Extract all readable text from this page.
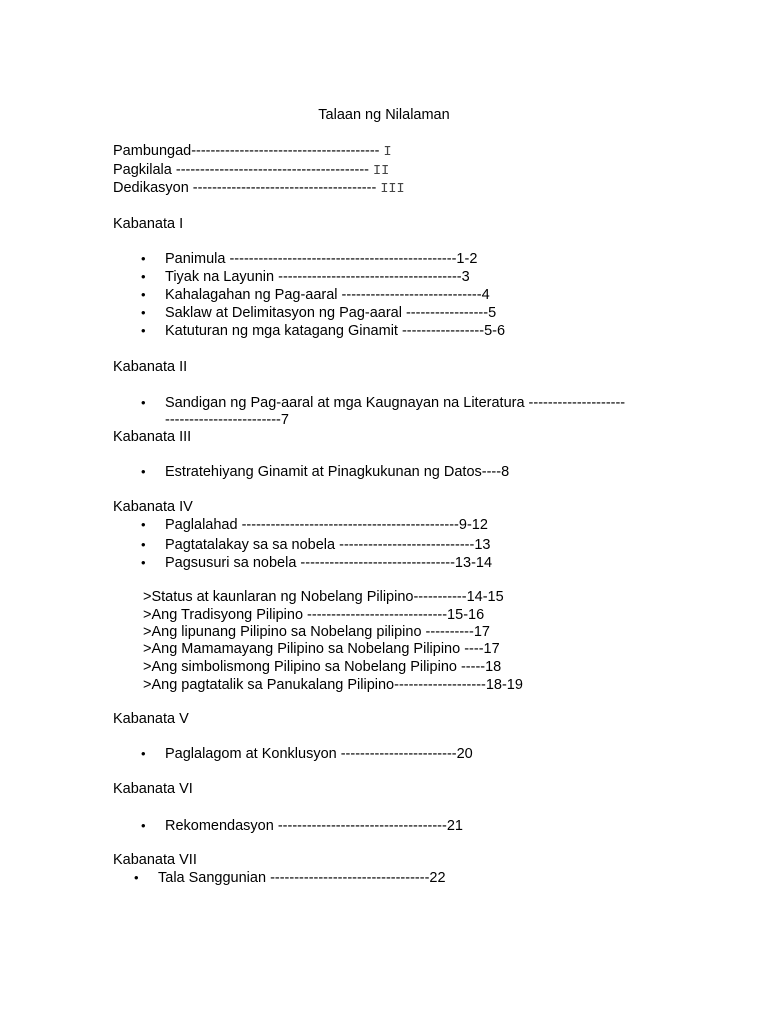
Talaan ng Nilalaman
Pambungad--------------------------------------- I
Pagkilala ---------------------------------------- II
Dedikasyon -------------------------------------- III
Kabanata I
• Panimula -----------------------------------------------1-2
• Tiyak na Layunin --------------------------------------3
• Kahalagahan ng Pag-aaral -----------------------------4
• Saklaw at Delimitasyon ng Pag-aaral -----------------5
• Katuturan ng mga katagang Ginamit -----------------5-6
Kabanata II
• Sandigan ng Pag-aaral at mga Kaugnayan na Literatura --------------------
------------------------7
Kabanata III
• Estratehiyang Ginamit at Pinagkukunan ng Datos----8
Kabanata IV
• Paglalahad ---------------------------------------------9-12
• Pagtatalakay sa sa nobela ----------------------------13
• Pagsusuri sa nobela --------------------------------13-14
>Status at kaunlaran ng Nobelang Pilipino-----------14-15
>Ang Tradisyong Pilipino -----------------------------15-16
>Ang lipunang Pilipino sa Nobelang pilipino ----------17
>Ang Mamamayang Pilipino sa Nobelang Pilipino ----17
>Ang simbolismong Pilipino sa Nobelang Pilipino -----18
>Ang pagtatalik sa Panukalang Pilipino-------------------18-19
Kabanata V
• Paglalagom at Konklusyon ------------------------20
Kabanata VI
• Rekomendasyon -----------------------------------21
Kabanata VII
• Tala Sanggunian ---------------------------------22
